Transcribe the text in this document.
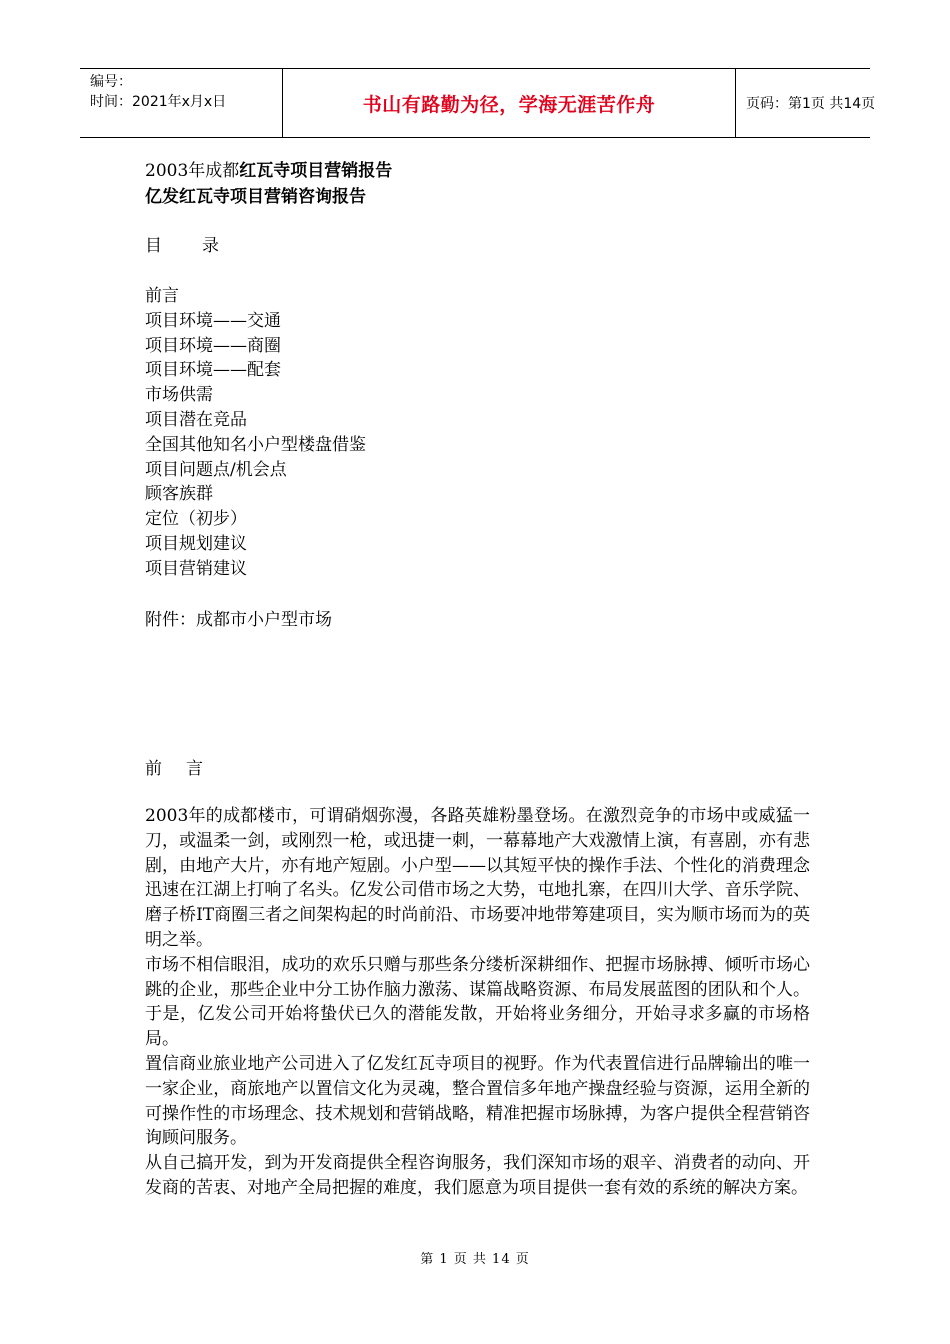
编号：
时间：2021年x月x日	书山有路勤为径，学海无涯苦作舟	页码：第1页 共14页
2003年成都红瓦寺项目营销报告
亿发红瓦寺项目营销咨询报告
目 录
前言
项目环境——交通
项目环境——商圈
项目环境——配套
市场供需
项目潜在竞品
全国其他知名小户型楼盘借鉴
项目问题点/机会点
顾客族群
定位（初步）
项目规划建议
项目营销建议
附件：成都市小户型市场
前 言
2003年的成都楼市，可谓硝烟弥漫，各路英雄粉墨登场。在激烈竞争的市场中或威猛一刀，或温柔一剑，或刚烈一枪，或迅捷一刺，一幕幕地产大戏激情上演，有喜剧，亦有悲剧，由地产大片，亦有地产短剧。小户型——以其短平快的操作手法、个性化的消费理念迅速在江湖上打响了名头。亿发公司借市场之大势，屯地扎寨，在四川大学、音乐学院、磨子桥IT商圈三者之间架构起的时尚前沿、市场要冲地带筹建项目，实为顺市场而为的英明之举。
市场不相信眼泪，成功的欢乐只赠与那些条分缕析深耕细作、把握市场脉搏、倾听市场心跳的企业，那些企业中分工协作脑力激荡、谋篇战略资源、布局发展蓝图的团队和个人。于是，亿发公司开始将蛰伏已久的潜能发散，开始将业务细分，开始寻求多赢的市场格局。
置信商业旅业地产公司进入了亿发红瓦寺项目的视野。作为代表置信进行品牌输出的唯一一家企业，商旅地产以置信文化为灵魂，整合置信多年地产操盘经验与资源，运用全新的可操作性的市场理念、技术规划和营销战略，精准把握市场脉搏，为客户提供全程营销咨询顾问服务。
从自己搞开发，到为开发商提供全程咨询服务，我们深知市场的艰辛、消费者的动向、开发商的苦衷、对地产全局把握的难度，我们愿意为项目提供一套有效的系统的解决方案。
第 1 页 共 14 页
